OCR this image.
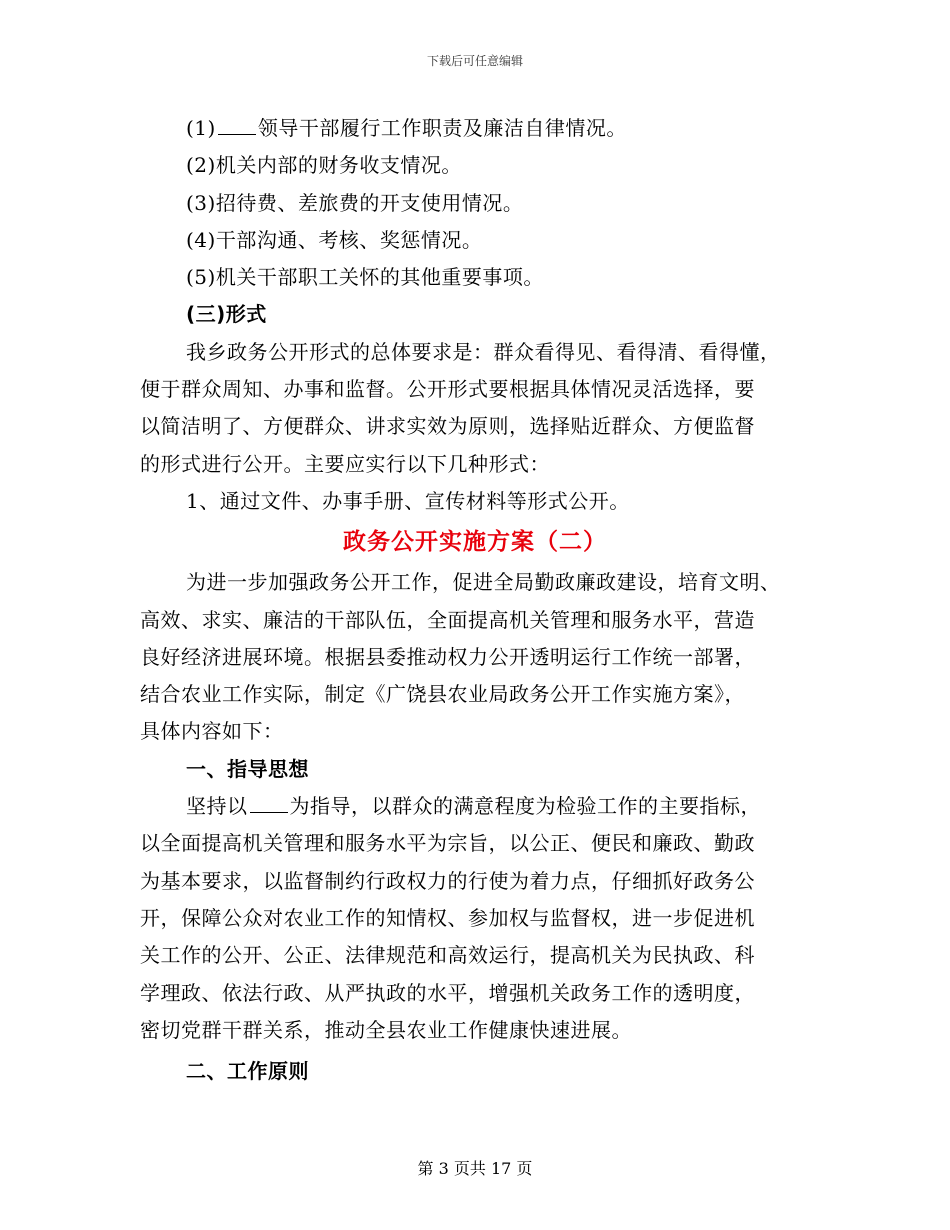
下载后可任意编辑
(1) 领导干部履行工作职责及廉洁自律情况。
(2)机关内部的财务收支情况。
(3)招待费、差旅费的开支使用情况。
(4)干部沟通、考核、奖惩情况。
(5)机关干部职工关怀的其他重要事项。
(三)形式
我乡政务公开形式的总体要求是：群众看得见、看得清、看得懂，
便于群众周知、办事和监督。公开形式要根据具体情况灵活选择，要
以简洁明了、方便群众、讲求实效为原则，选择贴近群众、方便监督
的形式进行公开。主要应实行以下几种形式：
1、通过文件、办事手册、宣传材料等形式公开。
政务公开实施方案（二）
为进一步加强政务公开工作，促进全局勤政廉政建设，培育文明、
高效、求实、廉洁的干部队伍，全面提高机关管理和服务水平，营造
良好经济进展环境。根据县委推动权力公开透明运行工作统一部署，
结合农业工作实际，制定《广饶县农业局政务公开工作实施方案》，
具体内容如下：
一、指导思想
坚持以 为指导，以群众的满意程度为检验工作的主要指标，
以全面提高机关管理和服务水平为宗旨，以公正、便民和廉政、勤政
为基本要求，以监督制约行政权力的行使为着力点，仔细抓好政务公
开，保障公众对农业工作的知情权、参加权与监督权，进一步促进机
关工作的公开、公正、法律规范和高效运行，提高机关为民执政、科
学理政、依法行政、从严执政的水平，增强机关政务工作的透明度，
密切党群干群关系，推动全县农业工作健康快速进展。
二、工作原则
第 3 页共 17 页
